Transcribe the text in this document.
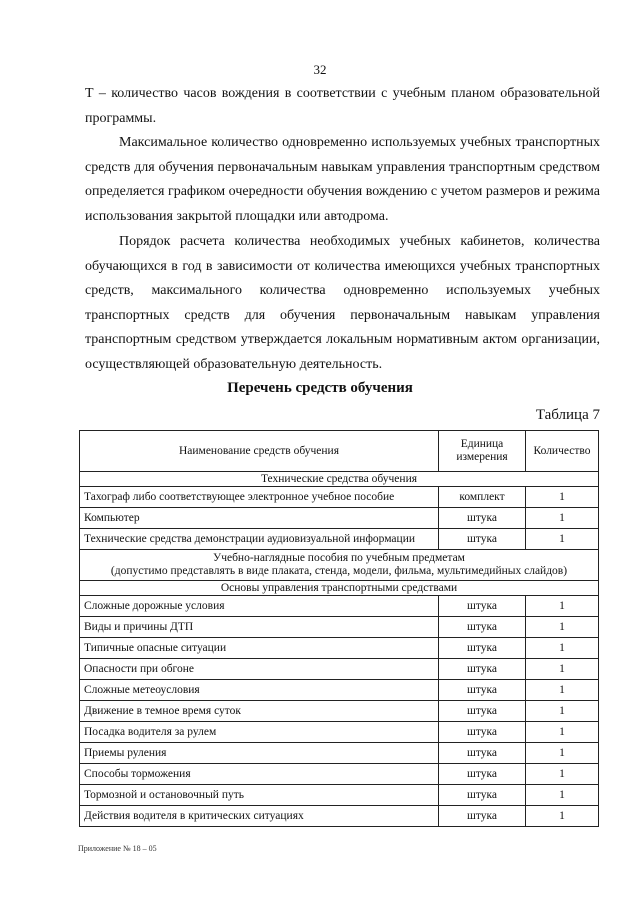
32
Т – количество часов вождения в соответствии с учебным планом образовательной программы.
Максимальное количество одновременно используемых учебных транспортных средств для обучения первоначальным навыкам управления транспортным средством определяется графиком очередности обучения вождению с учетом размеров и режима использования закрытой площадки или автодрома.
Порядок расчета количества необходимых учебных кабинетов, количества обучающихся в год в зависимости от количества имеющихся учебных транспортных средств, максимального количества одновременно используемых учебных транспортных средств для обучения первоначальным навыкам управления транспортным средством утверждается локальным нормативным актом организации, осуществляющей образовательную деятельность.
Перечень средств обучения
Таблица 7
Наименование средств обучения	Единица измерения	Количество
Технические средства обучения		
Тахограф либо соответствующее электронное учебное пособие	комплект	1
Компьютер	штука	1
Технические средства демонстрации аудиовизуальной информации	штука	1

Учебно-наглядные пособия по учебным предметам
(допустимо представлять в виде плаката, стенда, модели, фильма, мультимедийных слайдов)		

Основы управления транспортными средствами		
Сложные дорожные условия	штука	1
Виды и причины ДТП	штука	1
Типичные опасные ситуации	штука	1
Опасности при обгоне	штука	1
Сложные метеоусловия	штука	1
Движение в темное время суток	штука	1
Посадка водителя за рулем	штука	1
Приемы руления	штука	1
Способы торможения	штука	1
Тормозной и остановочный путь	штука	1
Действия водителя в критических ситуациях	штука	1
Приложение № 18 – 05
